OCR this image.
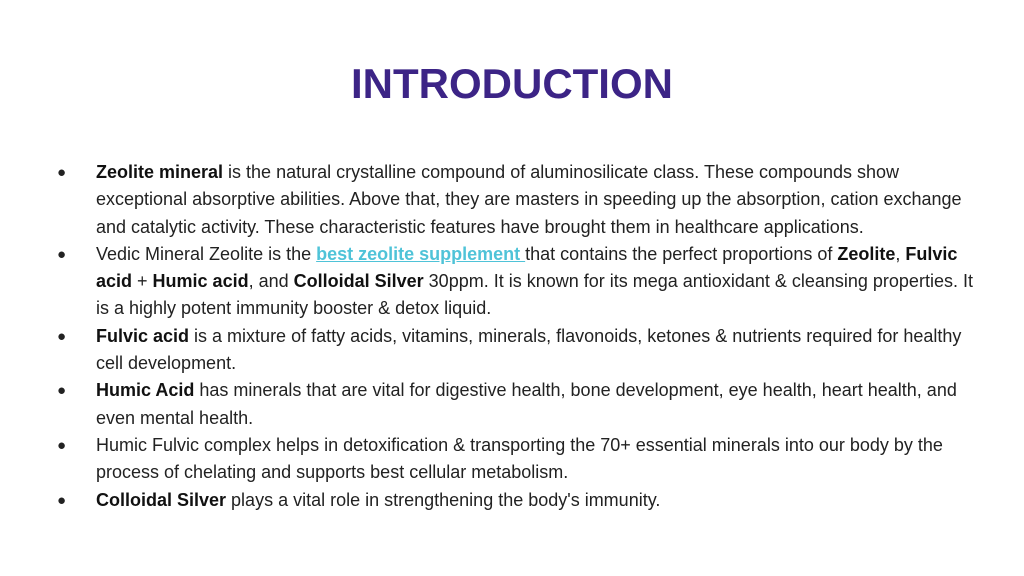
INTRODUCTION
●	Zeolite mineral is the natural crystalline compound of aluminosilicate class. These compounds show exceptional absorptive abilities. Above that, they are masters in speeding up the absorption, cation exchange and catalytic activity. These characteristic features have brought them in healthcare applications.
●	Vedic Mineral Zeolite is the best zeolite supplement that contains the perfect proportions of Zeolite, Fulvic acid + Humic acid, and Colloidal Silver 30ppm. It is known for its mega antioxidant & cleansing properties. It is a highly potent immunity booster & detox liquid.
●	Fulvic acid is a mixture of fatty acids, vitamins, minerals, flavonoids, ketones & nutrients required for healthy cell development.
●	Humic Acid has minerals that are vital for digestive health, bone development, eye health, heart health, and even mental health.
●	Humic Fulvic complex helps in detoxification & transporting the 70+ essential minerals into our body by the process of chelating and supports best cellular metabolism.
●	Colloidal Silver plays a vital role in strengthening the body's immunity.
